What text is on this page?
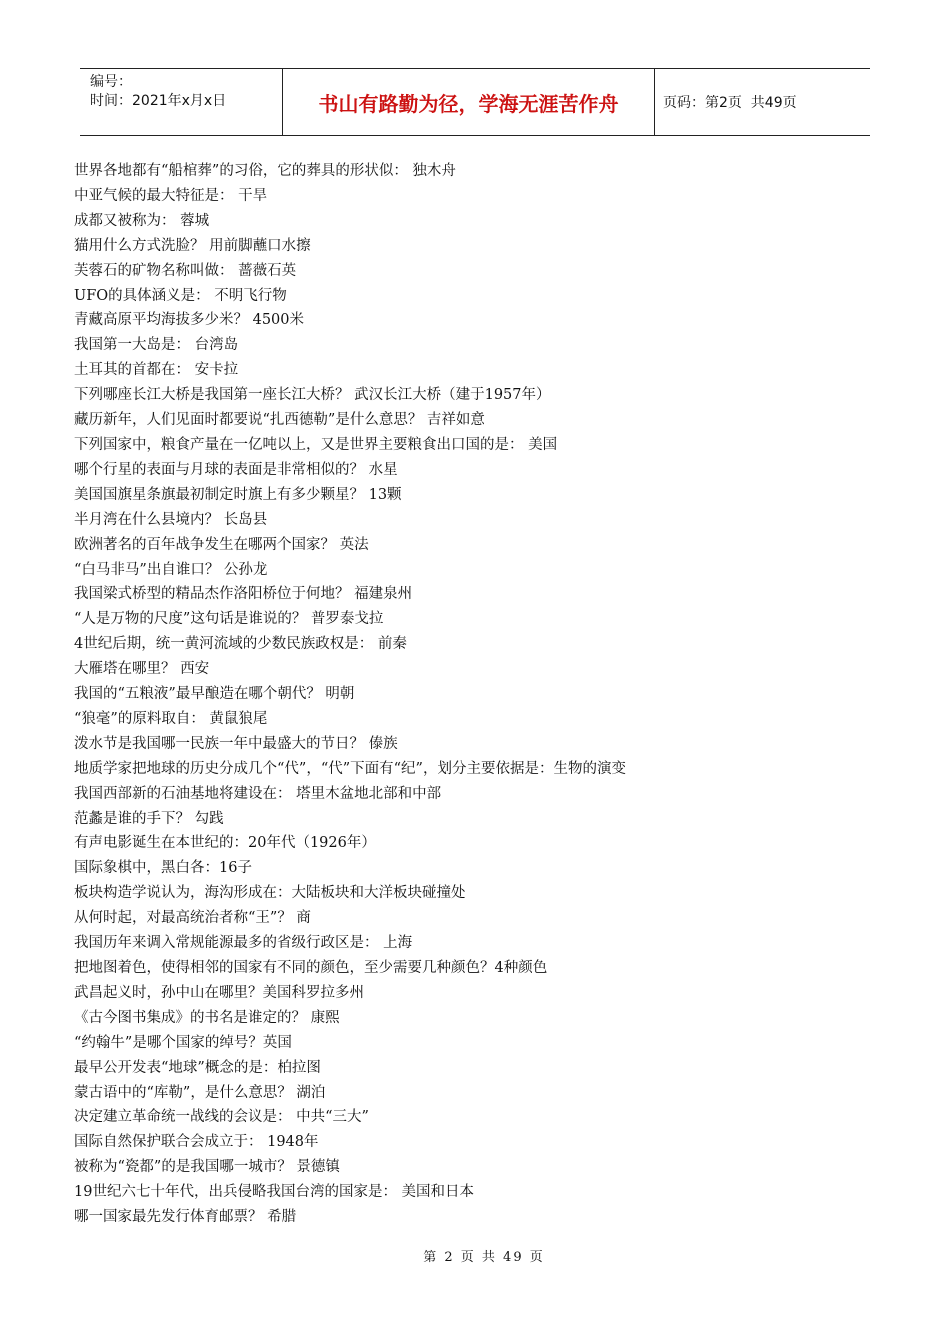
编号：
时间：2021年x月x日	书山有路勤为径，学海无涯苦作舟	页码：第2页  共49页
世界各地都有“船棺葬”的习俗，它的葬具的形状似： 独木舟
中亚气候的最大特征是： 干旱
成都又被称为： 蓉城
猫用什么方式洗脸？ 用前脚蘸口水擦
芙蓉石的矿物名称叫做： 蔷薇石英
UFO的具体涵义是： 不明飞行物
青藏高原平均海拔多少米？ 4500米
我国第一大岛是： 台湾岛
土耳其的首都在： 安卡拉
下列哪座长江大桥是我国第一座长江大桥？ 武汉长江大桥（建于1957年）
藏历新年，人们见面时都要说“扎西德勒”是什么意思？ 吉祥如意
下列国家中，粮食产量在一亿吨以上，又是世界主要粮食出口国的是： 美国
哪个行星的表面与月球的表面是非常相似的？ 水星
美国国旗星条旗最初制定时旗上有多少颗星？ 13颗
半月湾在什么县境内？ 长岛县
欧洲著名的百年战争发生在哪两个国家？ 英法
“白马非马”出自谁口？ 公孙龙
我国梁式桥型的精品杰作洛阳桥位于何地？ 福建泉州
“人是万物的尺度”这句话是谁说的？ 普罗泰戈拉
4世纪后期，统一黄河流域的少数民族政权是： 前秦
大雁塔在哪里？ 西安
我国的“五粮液”最早酿造在哪个朝代？ 明朝
“狼毫”的原料取自： 黄鼠狼尾
泼水节是我国哪一民族一年中最盛大的节日？ 傣族
地质学家把地球的历史分成几个“代”，“代”下面有“纪”，划分主要依据是：生物的演变
我国西部新的石油基地将建设在： 塔里木盆地北部和中部
范蠡是谁的手下？ 勾践
有声电影诞生在本世纪的：20年代（1926年）
国际象棋中，黑白各：16子
板块构造学说认为，海沟形成在：大陆板块和大洋板块碰撞处
从何时起，对最高统治者称“王”？ 商
我国历年来调入常规能源最多的省级行政区是： 上海
把地图着色，使得相邻的国家有不同的颜色，至少需要几种颜色？4种颜色
武昌起义时，孙中山在哪里？美国科罗拉多州
《古今图书集成》的书名是谁定的？ 康熙
“约翰牛”是哪个国家的绰号？英国
最早公开发表“地球”概念的是：柏拉图
蒙古语中的“库勒”，是什么意思？ 湖泊
决定建立革命统一战线的会议是： 中共“三大”
国际自然保护联合会成立于： 1948年
被称为“瓷都”的是我国哪一城市？ 景德镇
19世纪六七十年代，出兵侵略我国台湾的国家是： 美国和日本
哪一国家最先发行体育邮票？ 希腊
第 2 页 共 49 页
